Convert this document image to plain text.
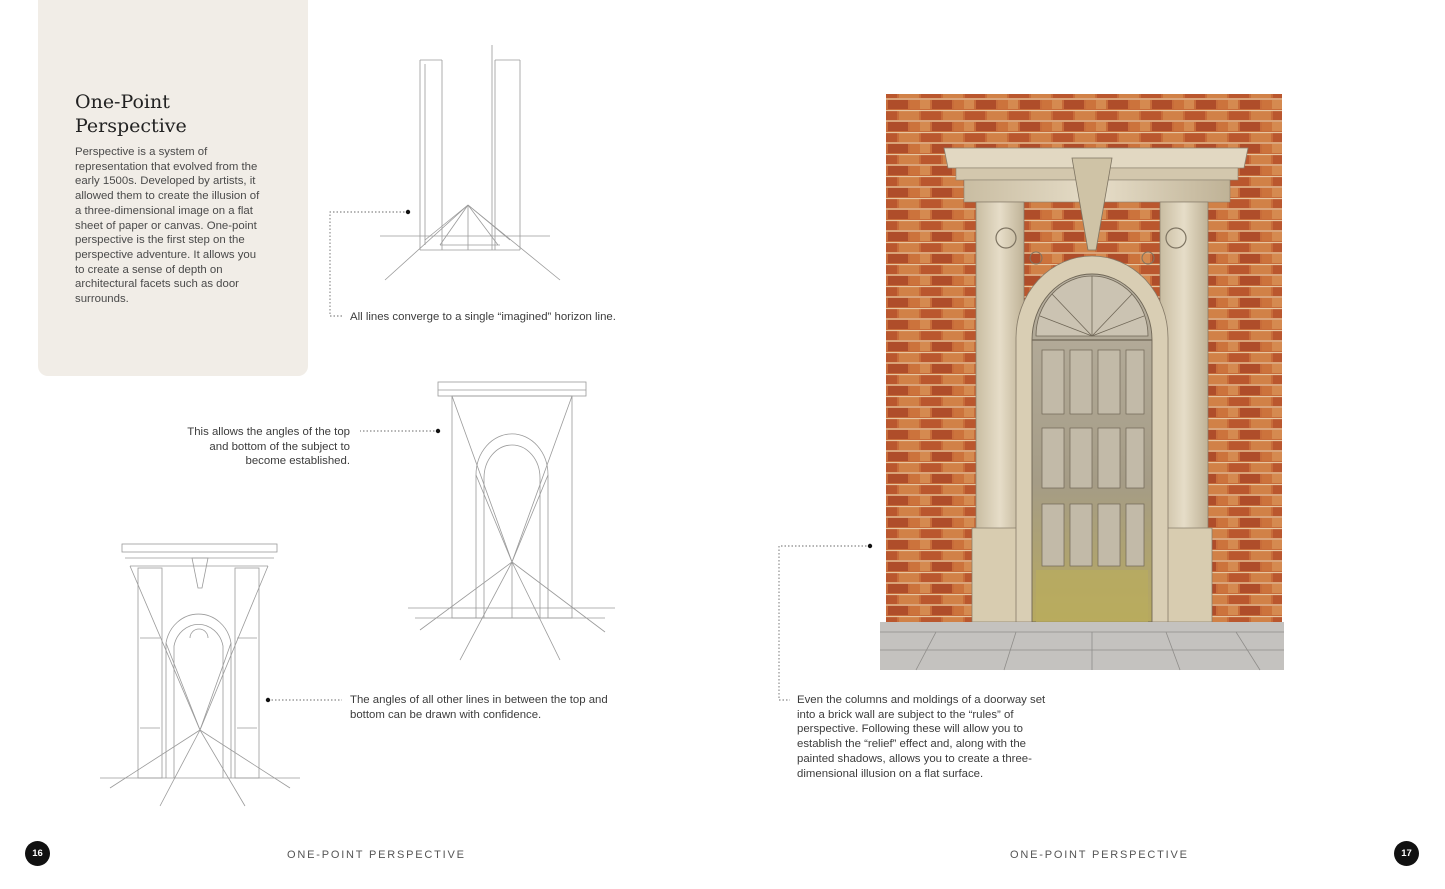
One-Point Perspective

Perspective is a system of representation that evolved from the early 1500s. Developed by artists, it allowed them to create the illusion of a three-dimensional image on a flat sheet of paper or canvas. One-point perspective is the first step on the perspective adventure. It allows you to create a sense of depth on architectural facets such as door surrounds.

All lines converge to a single “imagined” horizon line.

This allows the angles of the top and bottom of the subject to become established.

The angles of all other lines in between the top and bottom can be drawn with confidence.

16	ONE-POINT PERSPECTIVE

Even the columns and moldings of a doorway set into a brick wall are subject to the “rules” of perspective. Following these will allow you to establish the “relief” effect and, along with the painted shadows, allows you to create a three-dimensional illusion on a flat surface.

ONE-POINT PERSPECTIVE	17
